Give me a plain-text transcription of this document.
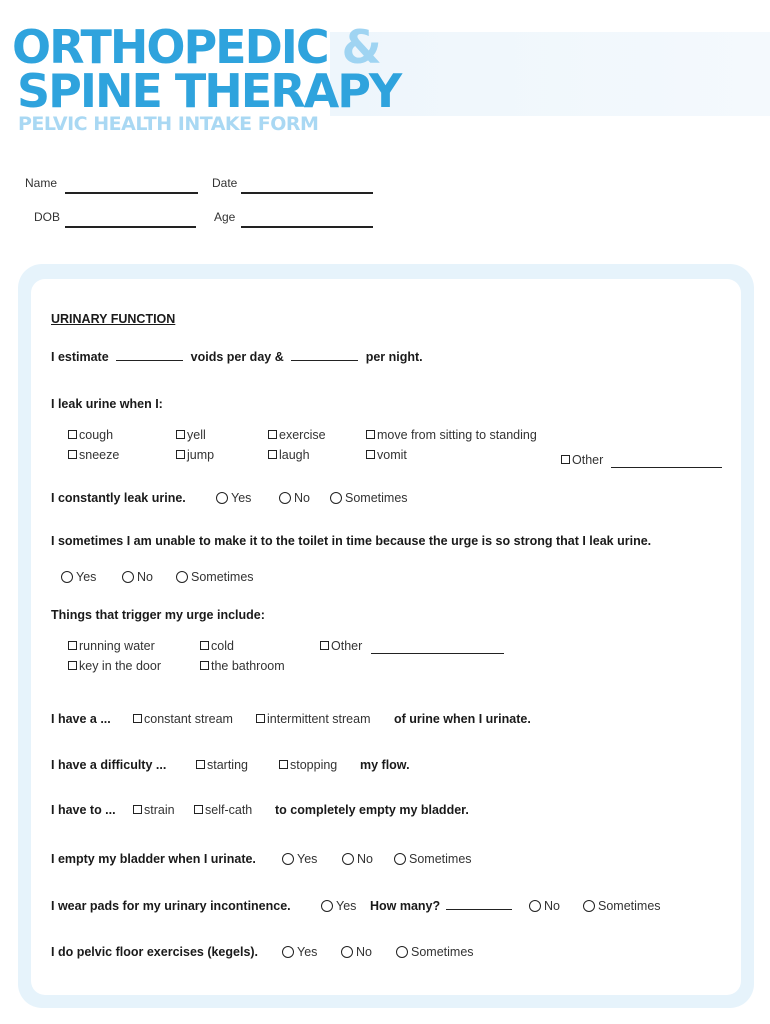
ORTHOPEDIC &
SPINE THERAPY
PELVIC HEALTH INTAKE FORM
Name	Date
DOB	Age
URINARY FUNCTION
I estimate	voids per day &	per night.
I leak urine when I:
cough	yell	exercise	move from sitting to standing
sneeze	jump	laugh	vomit	Other
I constantly leak urine.	Yes	No	Sometimes
I sometimes I am unable to make it to the toilet in time because the urge is so strong that I leak urine.
Yes	No	Sometimes
Things that trigger my urge include:
running water	cold	Other
key in the door	the bathroom
I have a ...	constant stream	intermittent stream of urine when I urinate.
I have a difficulty ...	starting	stopping my flow.
I have to ...	strain	self-cath to completely empty my bladder.
I empty my bladder when I urinate.	Yes	No	Sometimes
I wear pads for my urinary incontinence.	Yes How many?	No	Sometimes
I do pelvic floor exercises (kegels).	Yes	No	Sometimes
